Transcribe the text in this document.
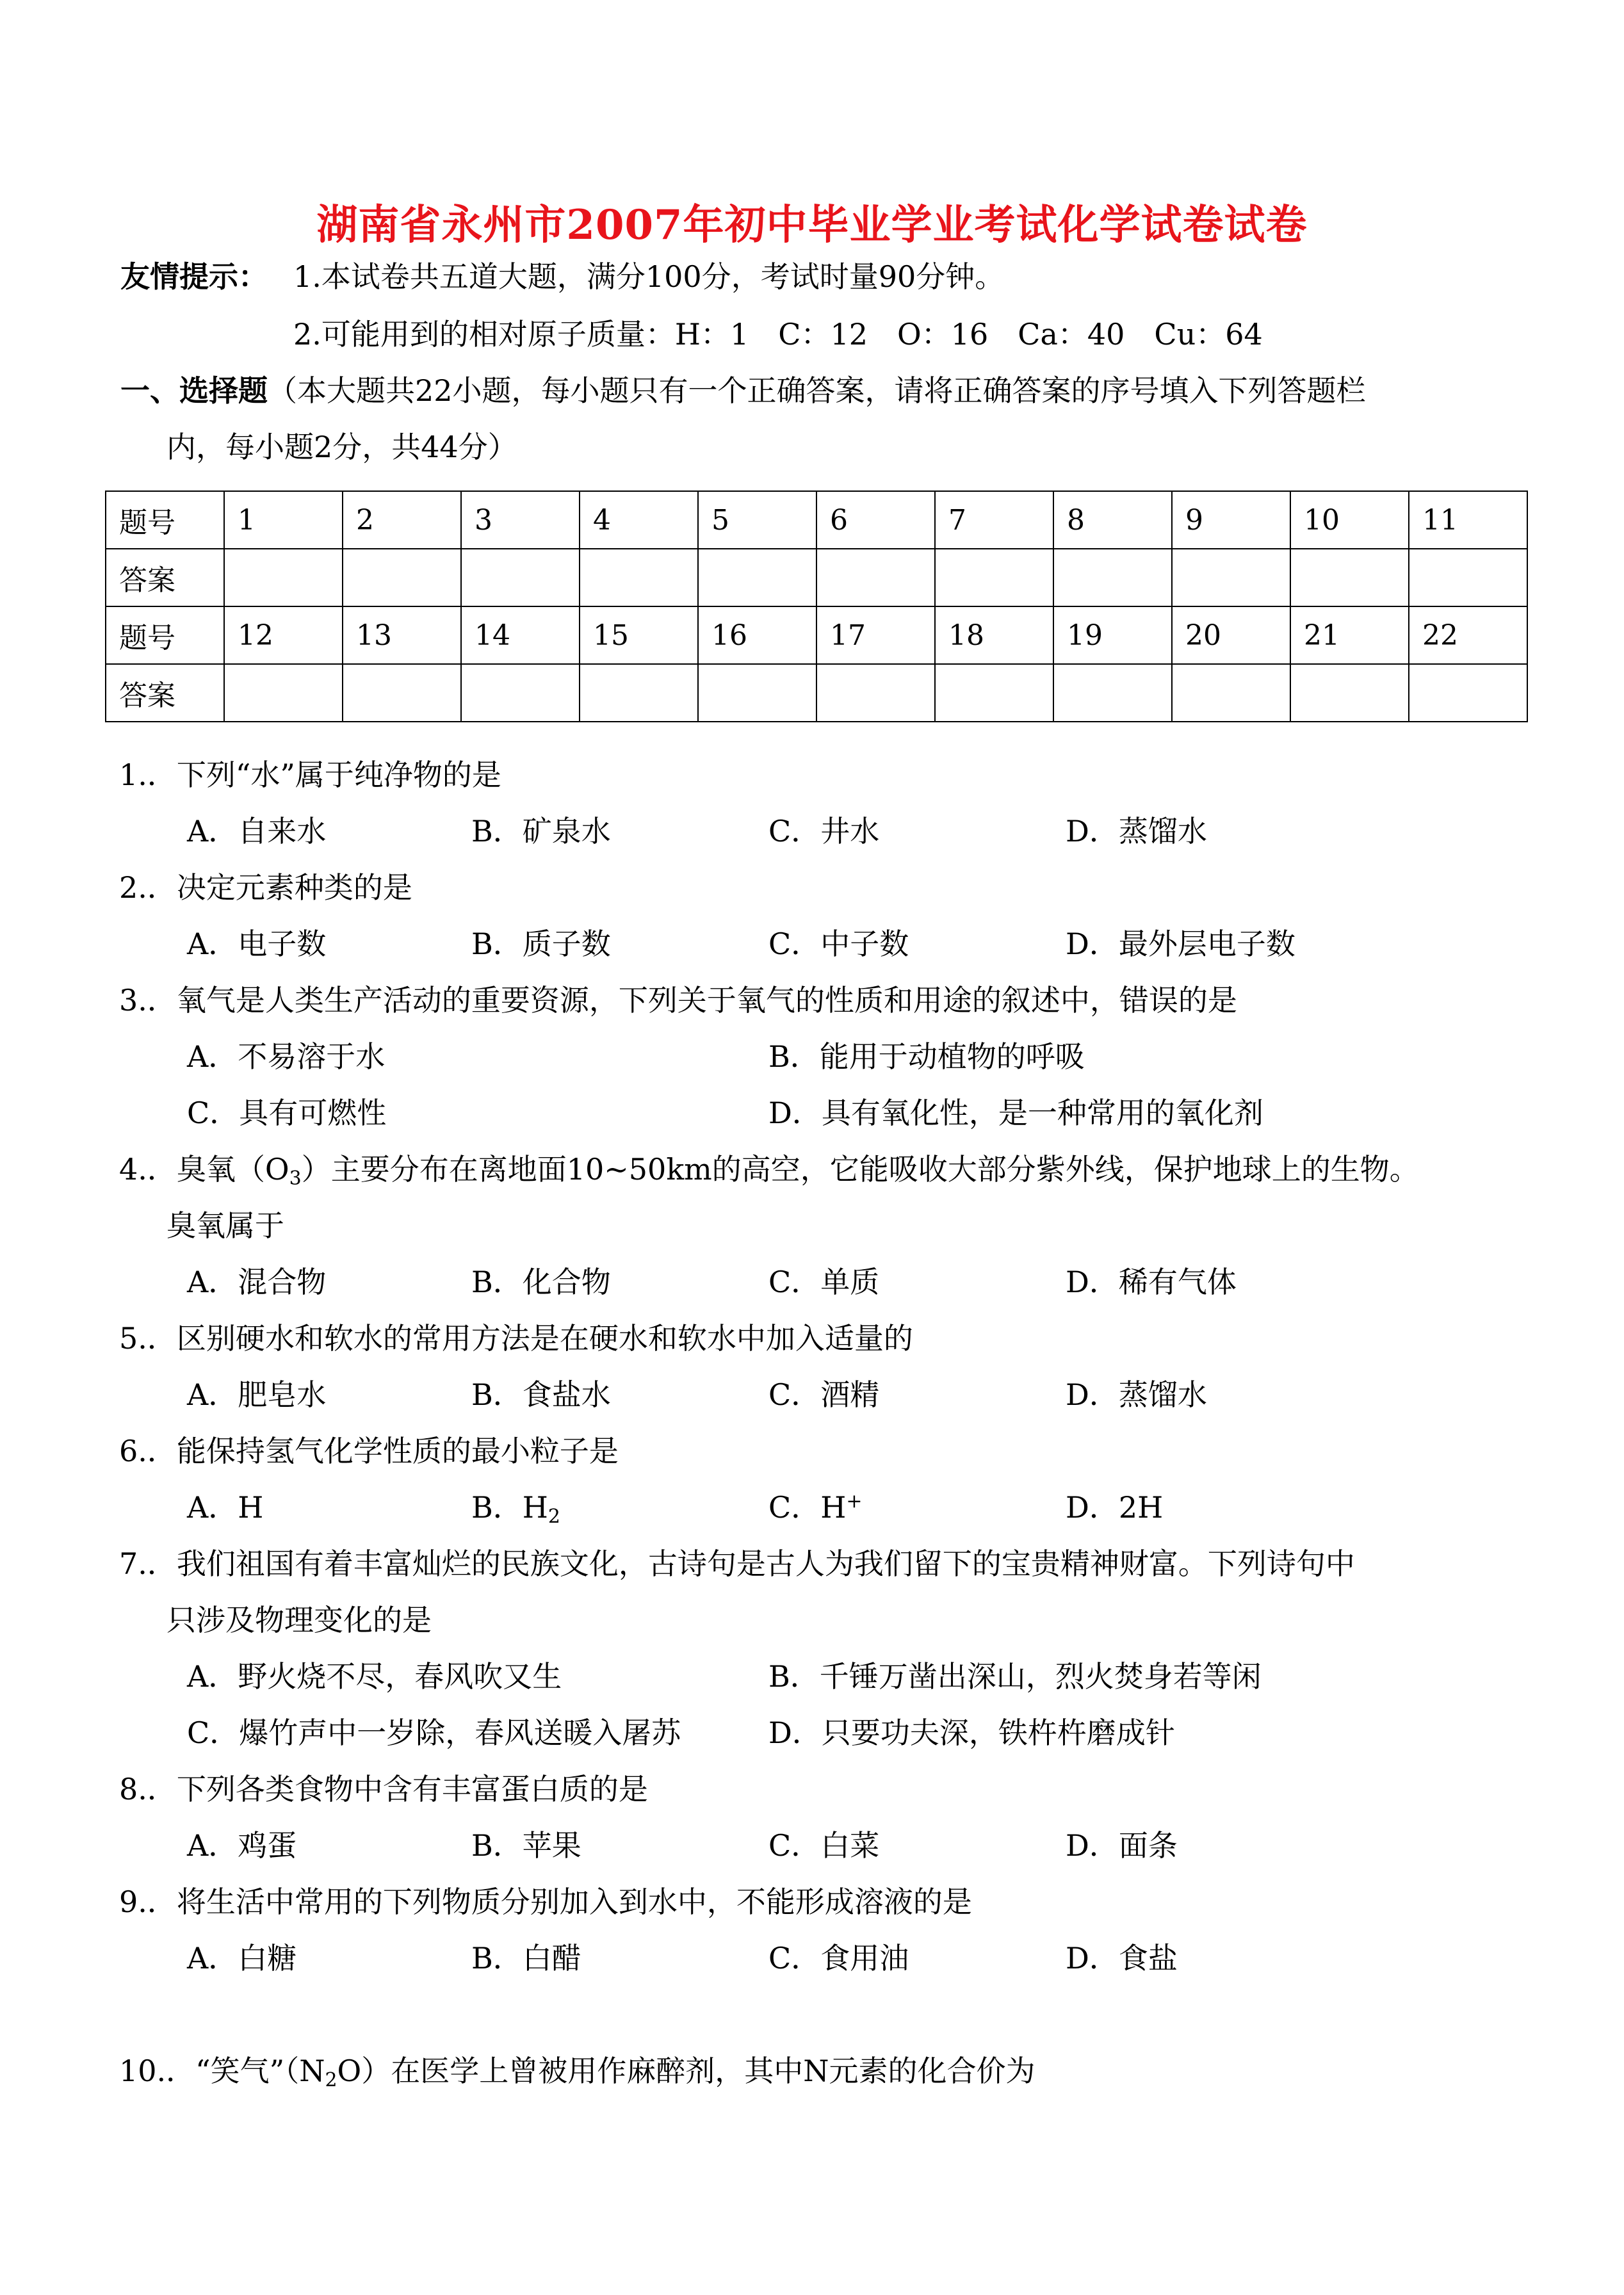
湖南省永州市2007年初中毕业学业考试化学试卷试卷
友情提示： 1.本试卷共五道大题，满分100分，考试时量90分钟。
2.可能用到的相对原子质量：H：1　C：12　O：16　Ca：40　Cu：64
一、选择题（本大题共22小题，每小题只有一个正确答案，请将正确答案的序号填入下列答题栏
内，每小题2分，共44分）
题号	1	2	3	4	5	6	7	8	9	10	11
答案											
题号	12	13	14	15	16	17	18	19	20	21	22
答案											
1.．下列“水”属于纯净物的是
A．自来水	B．矿泉水	C．井水	D．蒸馏水
2.．决定元素种类的是
A．电子数	B．质子数	C．中子数	D．最外层电子数
3.．氧气是人类生产活动的重要资源，下列关于氧气的性质和用途的叙述中，错误的是
A．不易溶于水	B．能用于动植物的呼吸
C．具有可燃性	D．具有氧化性，是一种常用的氧化剂
4.．臭氧$(O_3)$主要分布在离地面10~50km的高空，它能吸收大部分紫外线，保护地球上的生物。
臭氧属于
A．混合物	B．化合物	C．单质	D．稀有气体
5.．区别硬水和软水的常用方法是在硬水和软水中加入适量的
A．肥皂水	B．食盐水	C．酒精	D．蒸馏水
6.．能保持氢气化学性质的最小粒子是
A．H	B．$H_2$	C．H+	D．2H
7.．我们祖国有着丰富灿烂的民族文化，古诗句是古人为我们留下的宝贵精神财富。下列诗句中
只涉及物理变化的是
A．野火烧不尽，春风吹又生	B．千锤万凿出深山，烈火焚身若等闲
C．爆竹声中一岁除，春风送暖入屠苏	D．只要功夫深，铁杵杵磨成针
8.．下列各类食物中含有丰富蛋白质的是
A．鸡蛋	B．苹果	C．白菜	D．面条
9.．将生活中常用的下列物质分别加入到水中，不能形成溶液的是
A．白糖	B．白醋	C．食用油	D．食盐
10.．“笑气$”(N_2O)$在医学上曾被用作麻醉剂，其中N元素的化合价为
